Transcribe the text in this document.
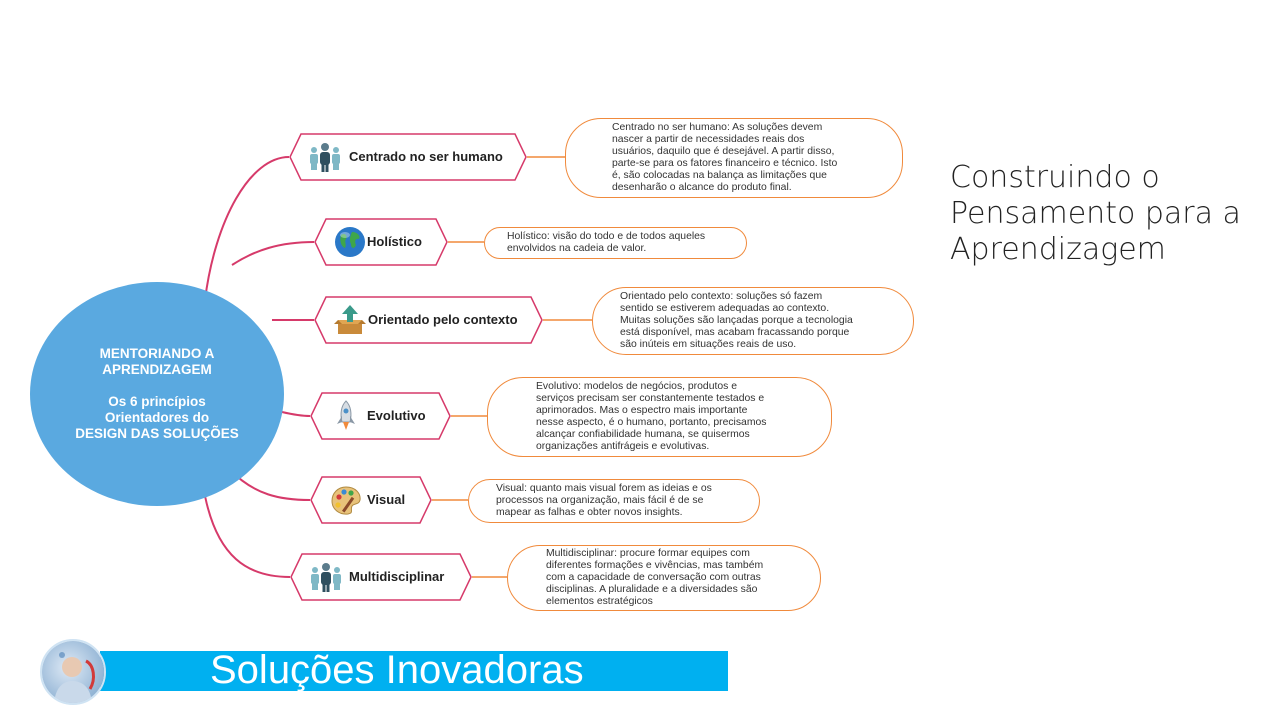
MENTORIANDO A
APRENDIZAGEM
Os 6 princípios
Orientadores do
DESIGN DAS SOLUÇÕES
Centrado no ser humano
Centrado no ser humano: As soluções devem
nascer a partir de necessidades reais dos
usuários, daquilo que é desejável. A partir disso,
parte-se para os fatores financeiro e técnico. Isto
é, são colocadas na balança as limitações que
desenharão o alcance do produto final.
Holístico	Holístico: visão do todo e de todos aqueles
envolvidos na cadeia de valor.
Orientado pelo contexto
Orientado pelo contexto: soluções só fazem
sentido se estiverem adequadas ao contexto.
Muitas soluções são lançadas porque a tecnologia
está disponível, mas acabam fracassando porque
são inúteis em situações reais de uso.
Evolutivo
Evolutivo: modelos de negócios, produtos e
serviços precisam ser constantemente testados e
aprimorados. Mas o espectro mais importante
nesse aspecto, é o humano, portanto, precisamos
alcançar confiabilidade humana, se quisermos
organizações antifrágeis e evolutivas.
Visual
Visual: quanto mais visual forem as ideias e os
processos na organização, mais fácil é de se
mapear as falhas e obter novos insights.
Multidisciplinar
Multidisciplinar: procure formar equipes com
diferentes formações e vivências, mas também
com a capacidade de conversação com outras
disciplinas. A pluralidade e a diversidades são
elementos estratégicos
Construindo o Pensamento para a Aprendizagem
Soluções Inovadoras
